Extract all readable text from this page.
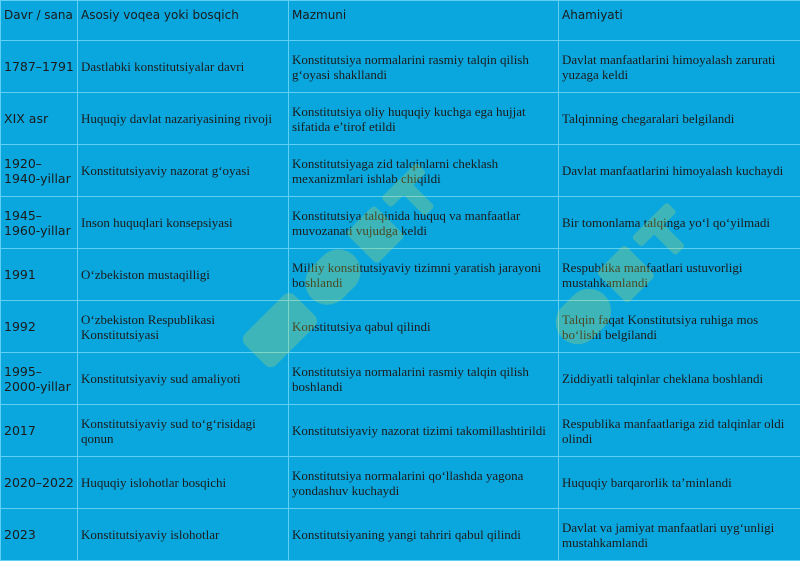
Davr / sana	Asosiy voqea yoki bosqich	Mazmuni	Ahamiyati
1787–1791	Dastlabki konstitutsiyalar davri	Konstitutsiya normalarini rasmiy talqin qilish g‘oyasi shakllandi	Davlat manfaatlarini himoyalash zarurati yuzaga keldi
XIX asr	Huquqiy davlat nazariyasining rivoji	Konstitutsiya oliy huquqiy kuchga ega hujjat sifatida e’tirof etildi	Talqinning chegaralari belgilandi
1920–1940-yillar	Konstitutsiyaviy nazorat g‘oyasi	Konstitutsiyaga zid talqinlarni cheklash mexanizmlari ishlab chiqildi	Davlat manfaatlarini himoyalash kuchaydi
1945–1960-yillar	Inson huquqlari konsepsiyasi	Konstitutsiya talqinida huquq va manfaatlar muvozanati vujudga keldi	Bir tomonlama talqinga yo‘l qo‘yilmadi
1991	O‘zbekiston mustaqilligi	Milliy konstitutsiyaviy tizimni yaratish jarayoni boshlandi	Respublika manfaatlari ustuvorligi mustahkamlandi
1992	O‘zbekiston Respublikasi Konstitutsiyasi	Konstitutsiya qabul qilindi	Talqin faqat Konstitutsiya ruhiga mos bo‘lishi belgilandi
1995–2000-yillar	Konstitutsiyaviy sud amaliyoti	Konstitutsiya normalarini rasmiy talqin qilish boshlandi	Ziddiyatli talqinlar cheklana boshlandi
2017	Konstitutsiyaviy sud to‘g‘risidagi qonun	Konstitutsiyaviy nazorat tizimi takomillashtirildi	Respublika manfaatlariga zid talqinlar oldi olindi
2020–2022	Huquqiy islohotlar bosqichi	Konstitutsiya normalarini qo‘llashda yagona yondashuv kuchaydi	Huquqiy barqarorlik ta’minlandi
2023	Konstitutsiyaviy islohotlar	Konstitutsiyaning yangi tahriri qabul qilindi	Davlat va jamiyat manfaatlari uyg‘unligi mustahkamlandi
